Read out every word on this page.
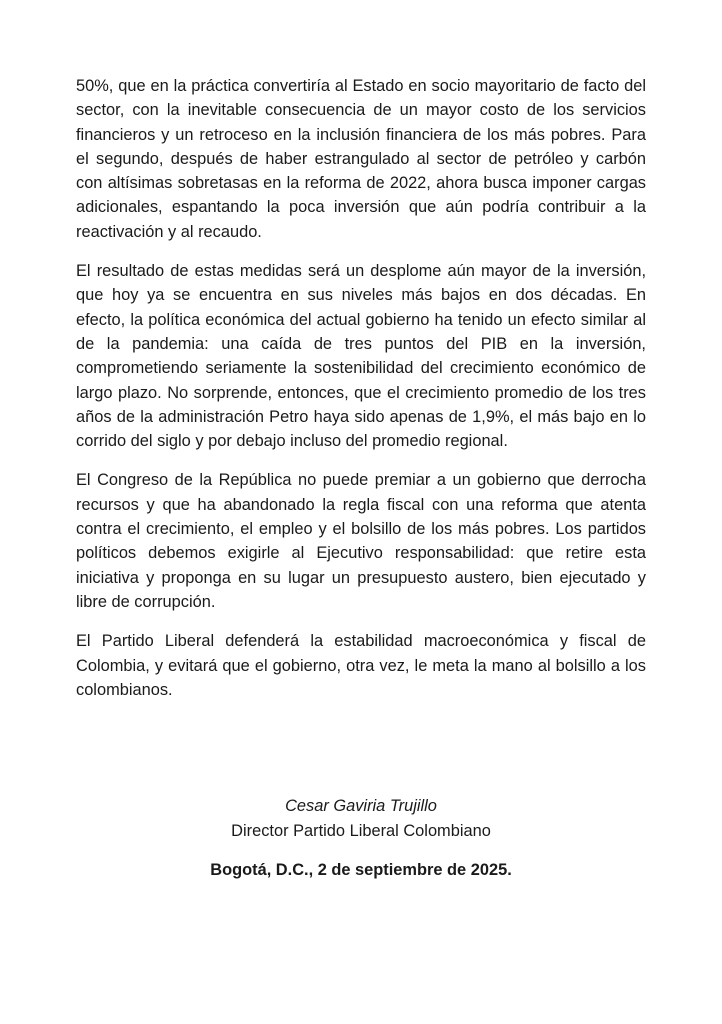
50%, que en la práctica convertiría al Estado en socio mayoritario de facto del sector, con la inevitable consecuencia de un mayor costo de los servicios financieros y un retroceso en la inclusión financiera de los más pobres. Para el segundo, después de haber estrangulado al sector de petróleo y carbón con altísimas sobretasas en la reforma de 2022, ahora busca imponer cargas adicionales, espantando la poca inversión que aún podría contribuir a la reactivación y al recaudo.

El resultado de estas medidas será un desplome aún mayor de la inversión, que hoy ya se encuentra en sus niveles más bajos en dos décadas. En efecto, la política económica del actual gobierno ha tenido un efecto similar al de la pandemia: una caída de tres puntos del PIB en la inversión, comprometiendo seriamente la sostenibilidad del crecimiento económico de largo plazo. No sorprende, entonces, que el crecimiento promedio de los tres años de la administración Petro haya sido apenas de 1,9%, el más bajo en lo corrido del siglo y por debajo incluso del promedio regional.

El Congreso de la República no puede premiar a un gobierno que derrocha recursos y que ha abandonado la regla fiscal con una reforma que atenta contra el crecimiento, el empleo y el bolsillo de los más pobres. Los partidos políticos debemos exigirle al Ejecutivo responsabilidad: que retire esta iniciativa y proponga en su lugar un presupuesto austero, bien ejecutado y libre de corrupción.

El Partido Liberal defenderá la estabilidad macroeconómica y fiscal de Colombia, y evitará que el gobierno, otra vez, le meta la mano al bolsillo a los colombianos.

Cesar Gaviria Trujillo
Director Partido Liberal Colombiano
Bogotá, D.C., 2 de septiembre de 2025.
